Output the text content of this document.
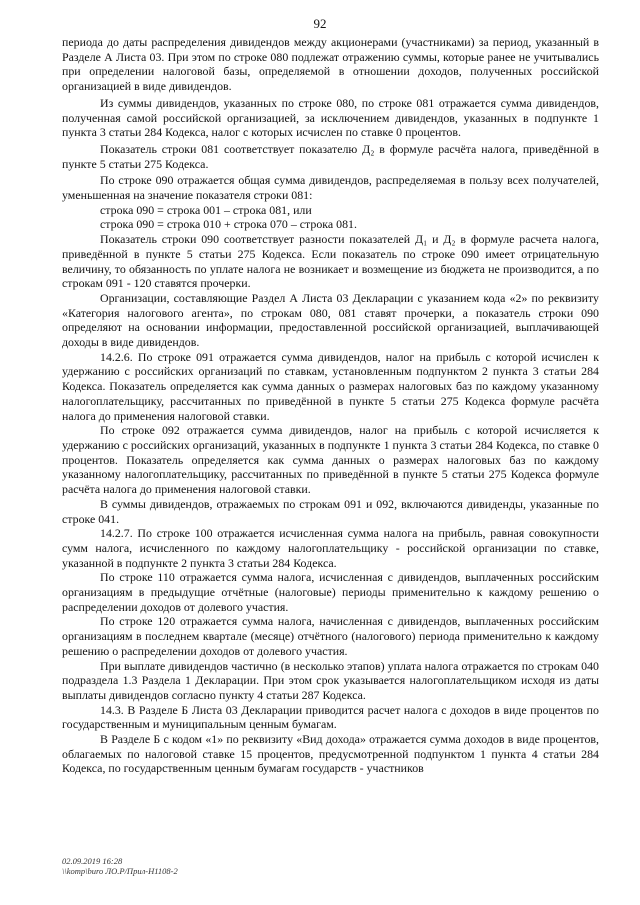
92

периода до даты распределения дивидендов между акционерами (участниками) за период, указанный в Разделе А Листа 03. При этом по строке 080 подлежат отражению суммы, которые ранее не учитывались при определении налоговой базы, определяемой в отношении доходов, полученных российской организацией в виде дивидендов.

Из суммы дивидендов, указанных по строке 080, по строке 081 отражается сумма дивидендов, полученная самой российской организацией, за исключением дивидендов, указанных в подпункте 1 пункта 3 статьи 284 Кодекса, налог с которых исчислен по ставке 0 процентов.

Показатель строки 081 соответствует показателю Д₂ в формуле расчёта налога, приведённой в пункте 5 статьи 275 Кодекса.

По строке 090 отражается общая сумма дивидендов, распределяемая в пользу всех получателей, уменьшенная на значение показателя строки 081:

строка 090 = строка 001 – строка 081, или

строка 090 = строка 010 + строка 070 – строка 081.

Показатель строки 090 соответствует разности показателей Д₁ и Д₂ в формуле расчета налога, приведённой в пункте 5 статьи 275 Кодекса. Если показатель по строке 090 имеет отрицательную величину, то обязанность по уплате налога не возникает и возмещение из бюджета не производится, а по строкам 091 - 120 ставятся прочерки.

Организации, составляющие Раздел А Листа 03 Декларации с указанием кода «2» по реквизиту «Категория налогового агента», по строкам 080, 081 ставят прочерки, а показатель строки 090 определяют на основании информации, предоставленной российской организацией, выплачивающей доходы в виде дивидендов.

14.2.6. По строке 091 отражается сумма дивидендов, налог на прибыль с которой исчислен к удержанию с российских организаций по ставкам, установленным подпунктом 2 пункта 3 статьи 284 Кодекса. Показатель определяется как сумма данных о размерах налоговых баз по каждому указанному налогоплательщику, рассчитанных по приведённой в пункте 5 статьи 275 Кодекса формуле расчёта налога до применения налоговой ставки.

По строке 092 отражается сумма дивидендов, налог на прибыль с которой исчисляется к удержанию с российских организаций, указанных в подпункте 1 пункта 3 статьи 284 Кодекса, по ставке 0 процентов. Показатель определяется как сумма данных о размерах налоговых баз по каждому указанному налогоплательщику, рассчитанных по приведённой в пункте 5 статьи 275 Кодекса формуле расчёта налога до применения налоговой ставки.

В суммы дивидендов, отражаемых по строкам 091 и 092, включаются дивиденды, указанные по строке 041.

14.2.7. По строке 100 отражается исчисленная сумма налога на прибыль, равная совокупности сумм налога, исчисленного по каждому налогоплательщику - российской организации по ставке, указанной в подпункте 2 пункта 3 статьи 284 Кодекса.

По строке 110 отражается сумма налога, исчисленная с дивидендов, выплаченных российским организациям в предыдущие отчётные (налоговые) периоды применительно к каждому решению о распределении доходов от долевого участия.

По строке 120 отражается сумма налога, начисленная с дивидендов, выплаченных российским организациям в последнем квартале (месяце) отчётного (налогового) периода применительно к каждому решению о распределении доходов от долевого участия.

При выплате дивидендов частично (в несколько этапов) уплата налога отражается по строкам 040 подраздела 1.3 Раздела 1 Декларации. При этом срок указывается налогоплательщиком исходя из даты выплаты дивидендов согласно пункту 4 статьи 287 Кодекса.

14.3. В Разделе Б Листа 03 Декларации приводится расчет налога с доходов в виде процентов по государственным и муниципальным ценным бумагам.

В Разделе Б с кодом «1» по реквизиту «Вид дохода» отражается сумма доходов в виде процентов, облагаемых по налоговой ставке 15 процентов, предусмотренной подпунктом 1 пункта 4 статьи 284 Кодекса, по государственным ценным бумагам государств - участников

02.09.2019 16:28
\\komp\buro ЛО.Р/Прил-Н1108-2
